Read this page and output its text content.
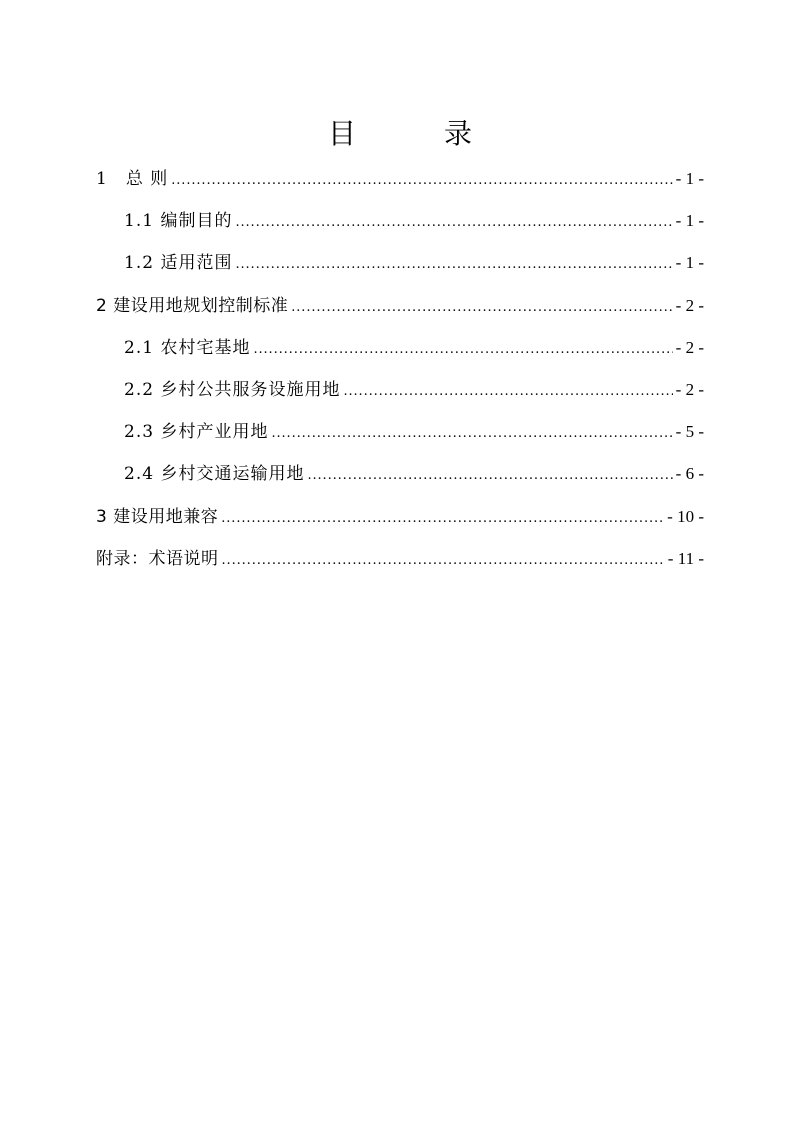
目　录
1　总 则 .....	- 1 -
1.1 编制目的 .....	- 1 -
1.2 适用范围 .....	- 1 -
2 建设用地规划控制标准 .....	- 2 -
2.1 农村宅基地 .....	- 2 -
2.2 乡村公共服务设施用地 .....	- 2 -
2.3 乡村产业用地 .....	- 5 -
2.4 乡村交通运输用地 .....	- 6 -
3 建设用地兼容 .....	- 10 -
附录：术语说明 .....	- 11 -
